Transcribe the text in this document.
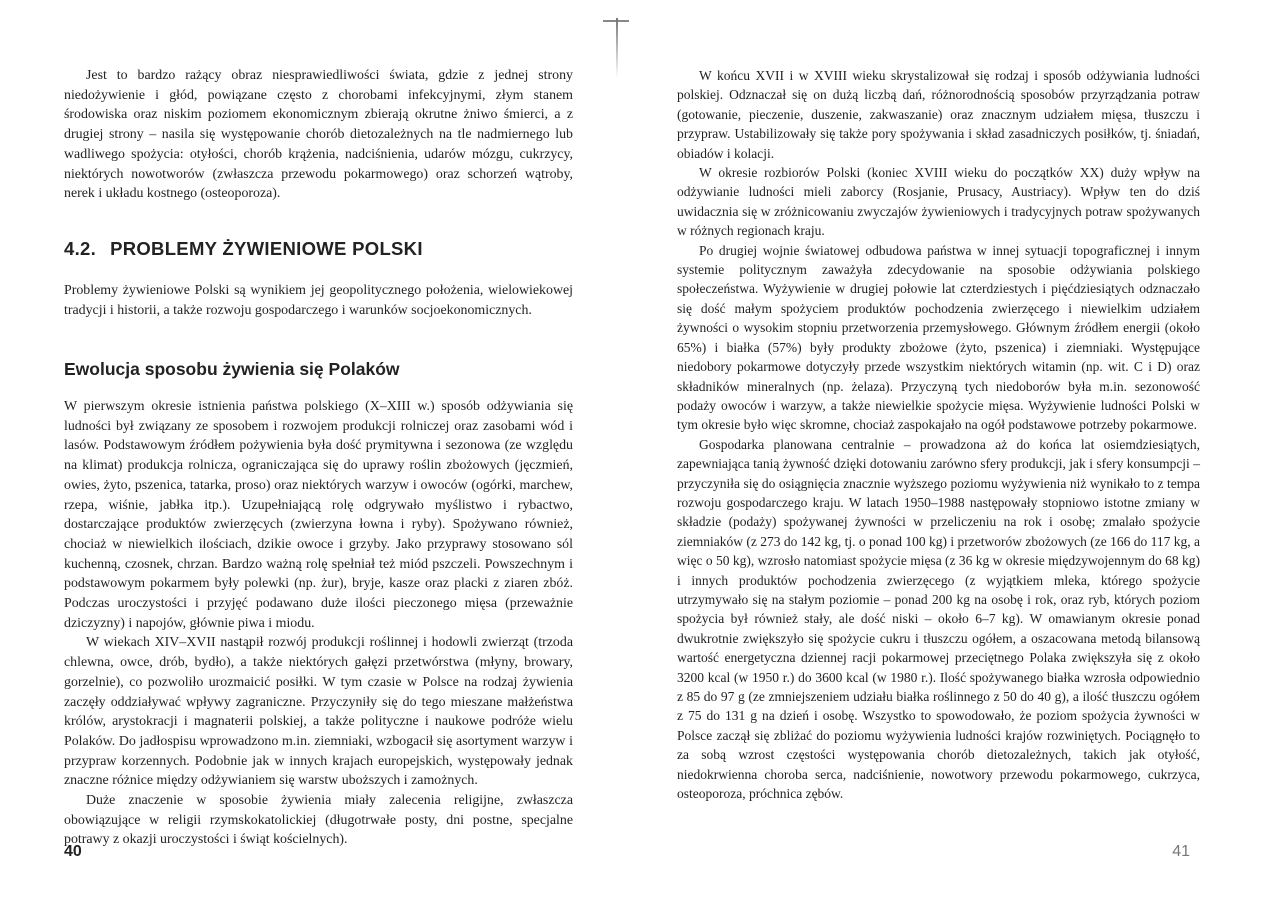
Jest to bardzo rażący obraz niesprawiedliwości świata, gdzie z jednej strony niedożywienie i głód, powiązane często z chorobami infekcyjnymi, złym stanem środowiska oraz niskim poziomem ekonomicznym zbierają okrutne żniwo śmierci, a z drugiej strony – nasila się występowanie chorób dietozależnych na tle nadmiernego lub wadliwego spożycia: otyłości, chorób krążenia, nadciśnienia, udarów mózgu, cukrzycy, niektórych nowotworów (zwłaszcza przewodu pokarmowego) oraz schorzeń wątroby, nerek i układu kostnego (osteoporoza).

4.2. PROBLEMY ŻYWIENIOWE POLSKI

Problemy żywieniowe Polski są wynikiem jej geopolitycznego położenia, wielowiekowej tradycji i historii, a także rozwoju gospodarczego i warunków socjoekonomicznych.

Ewolucja sposobu żywienia się Polaków

W pierwszym okresie istnienia państwa polskiego (X–XIII w.) sposób odżywiania się ludności był związany ze sposobem i rozwojem produkcji rolniczej oraz zasobami wód i lasów. Podstawowym źródłem pożywienia była dość prymitywna i sezonowa (ze względu na klimat) produkcja rolnicza, ograniczająca się do uprawy roślin zbożowych (jęczmień, owies, żyto, pszenica, tatarka, proso) oraz niektórych warzyw i owoców (ogórki, marchew, rzepa, wiśnie, jabłka itp.). Uzupełniającą rolę odgrywało myślistwo i rybactwo, dostarczające produktów zwierzęcych (zwierzyna łowna i ryby). Spożywano również, chociaż w niewielkich ilościach, dzikie owoce i grzyby. Jako przyprawy stosowano sól kuchenną, czosnek, chrzan. Bardzo ważną rolę spełniał też miód pszczeli. Powszechnym i podstawowym pokarmem były polewki (np. żur), bryje, kasze oraz placki z ziaren zbóż. Podczas uroczystości i przyjęć podawano duże ilości pieczonego mięsa (przeważnie dziczyzny) i napojów, głównie piwa i miodu.

W wiekach XIV–XVII nastąpił rozwój produkcji roślinnej i hodowli zwierząt (trzoda chlewna, owce, drób, bydło), a także niektórych gałęzi przetwórstwa (młyny, browary, gorzelnie), co pozwoliło urozmaicić posiłki. W tym czasie w Polsce na rodzaj żywienia zaczęły oddziaływać wpływy zagraniczne. Przyczyniły się do tego mieszane małżeństwa królów, arystokracji i magnaterii polskiej, a także polityczne i naukowe podróże wielu Polaków. Do jadłospisu wprowadzono m.in. ziemniaki, wzbogacił się asortyment warzyw i przypraw korzennych. Podobnie jak w innych krajach europejskich, występowały jednak znaczne różnice między odżywianiem się warstw uboższych i zamożnych.

Duże znaczenie w sposobie żywienia miały zalecenia religijne, zwłaszcza obowiązujące w religii rzymskokatolickiej (długotrwałe posty, dni postne, specjalne potrawy z okazji uroczystości i świąt kościelnych).

40

W końcu XVII i w XVIII wieku skrystalizował się rodzaj i sposób odżywiania ludności polskiej. Odznaczał się on dużą liczbą dań, różnorodnością sposobów przyrządzania potraw (gotowanie, pieczenie, duszenie, zakwaszanie) oraz znacznym udziałem mięsa, tłuszczu i przypraw. Ustabilizowały się także pory spożywania i skład zasadniczych posiłków, tj. śniadań, obiadów i kolacji.

W okresie rozbiorów Polski (koniec XVIII wieku do początków XX) duży wpływ na odżywianie ludności mieli zaborcy (Rosjanie, Prusacy, Austriacy). Wpływ ten do dziś uwidacznia się w zróżnicowaniu zwyczajów żywieniowych i tradycyjnych potraw spożywanych w różnych regionach kraju.

Po drugiej wojnie światowej odbudowa państwa w innej sytuacji topograficznej i innym systemie politycznym zaważyła zdecydowanie na sposobie odżywiania polskiego społeczeństwa. Wyżywienie w drugiej połowie lat czterdziestych i pięćdziesiątych odznaczało się dość małym spożyciem produktów pochodzenia zwierzęcego i niewielkim udziałem żywności o wysokim stopniu przetworzenia przemysłowego. Głównym źródłem energii (około 65%) i białka (57%) były produkty zbożowe (żyto, pszenica) i ziemniaki. Występujące niedobory pokarmowe dotyczyły przede wszystkim niektórych witamin (np. wit. C i D) oraz składników mineralnych (np. żelaza). Przyczyną tych niedoborów była m.in. sezonowość podaży owoców i warzyw, a także niewielkie spożycie mięsa. Wyżywienie ludności Polski w tym okresie było więc skromne, chociaż zaspokajało na ogół podstawowe potrzeby pokarmowe.

Gospodarka planowana centralnie – prowadzona aż do końca lat osiemdziesiątych, zapewniająca tanią żywność dzięki dotowaniu zarówno sfery produkcji, jak i sfery konsumpcji – przyczyniła się do osiągnięcia znacznie wyższego poziomu wyżywienia niż wynikało to z tempa rozwoju gospodarczego kraju. W latach 1950–1988 następowały stopniowo istotne zmiany w składzie (podaży) spożywanej żywności w przeliczeniu na rok i osobę; zmalało spożycie ziemniaków (z 273 do 142 kg, tj. o ponad 100 kg) i przetworów zbożowych (ze 166 do 117 kg, a więc o 50 kg), wzrosło natomiast spożycie mięsa (z 36 kg w okresie międzywojennym do 68 kg) i innych produktów pochodzenia zwierzęcego (z wyjątkiem mleka, którego spożycie utrzymywało się na stałym poziomie – ponad 200 kg na osobę i rok, oraz ryb, których poziom spożycia był również stały, ale dość niski – około 6–7 kg). W omawianym okresie ponad dwukrotnie zwiększyło się spożycie cukru i tłuszczu ogółem, a oszacowana metodą bilansową wartość energetyczna dziennej racji pokarmowej przeciętnego Polaka zwiększyła się z około 3200 kcal (w 1950 r.) do 3600 kcal (w 1980 r.). Ilość spożywanego białka wzrosła odpowiednio z 85 do 97 g (ze zmniejszeniem udziału białka roślinnego z 50 do 40 g), a ilość tłuszczu ogółem z 75 do 131 g na dzień i osobę. Wszystko to spowodowało, że poziom spożycia żywności w Polsce zaczął się zbliżać do poziomu wyżywienia ludności krajów rozwiniętych. Pociągnęło to za sobą wzrost częstości występowania chorób dietozależnych, takich jak otyłość, niedokrwienna choroba serca, nadciśnienie, nowotwory przewodu pokarmowego, cukrzyca, osteoporoza, próchnica zębów.

41
